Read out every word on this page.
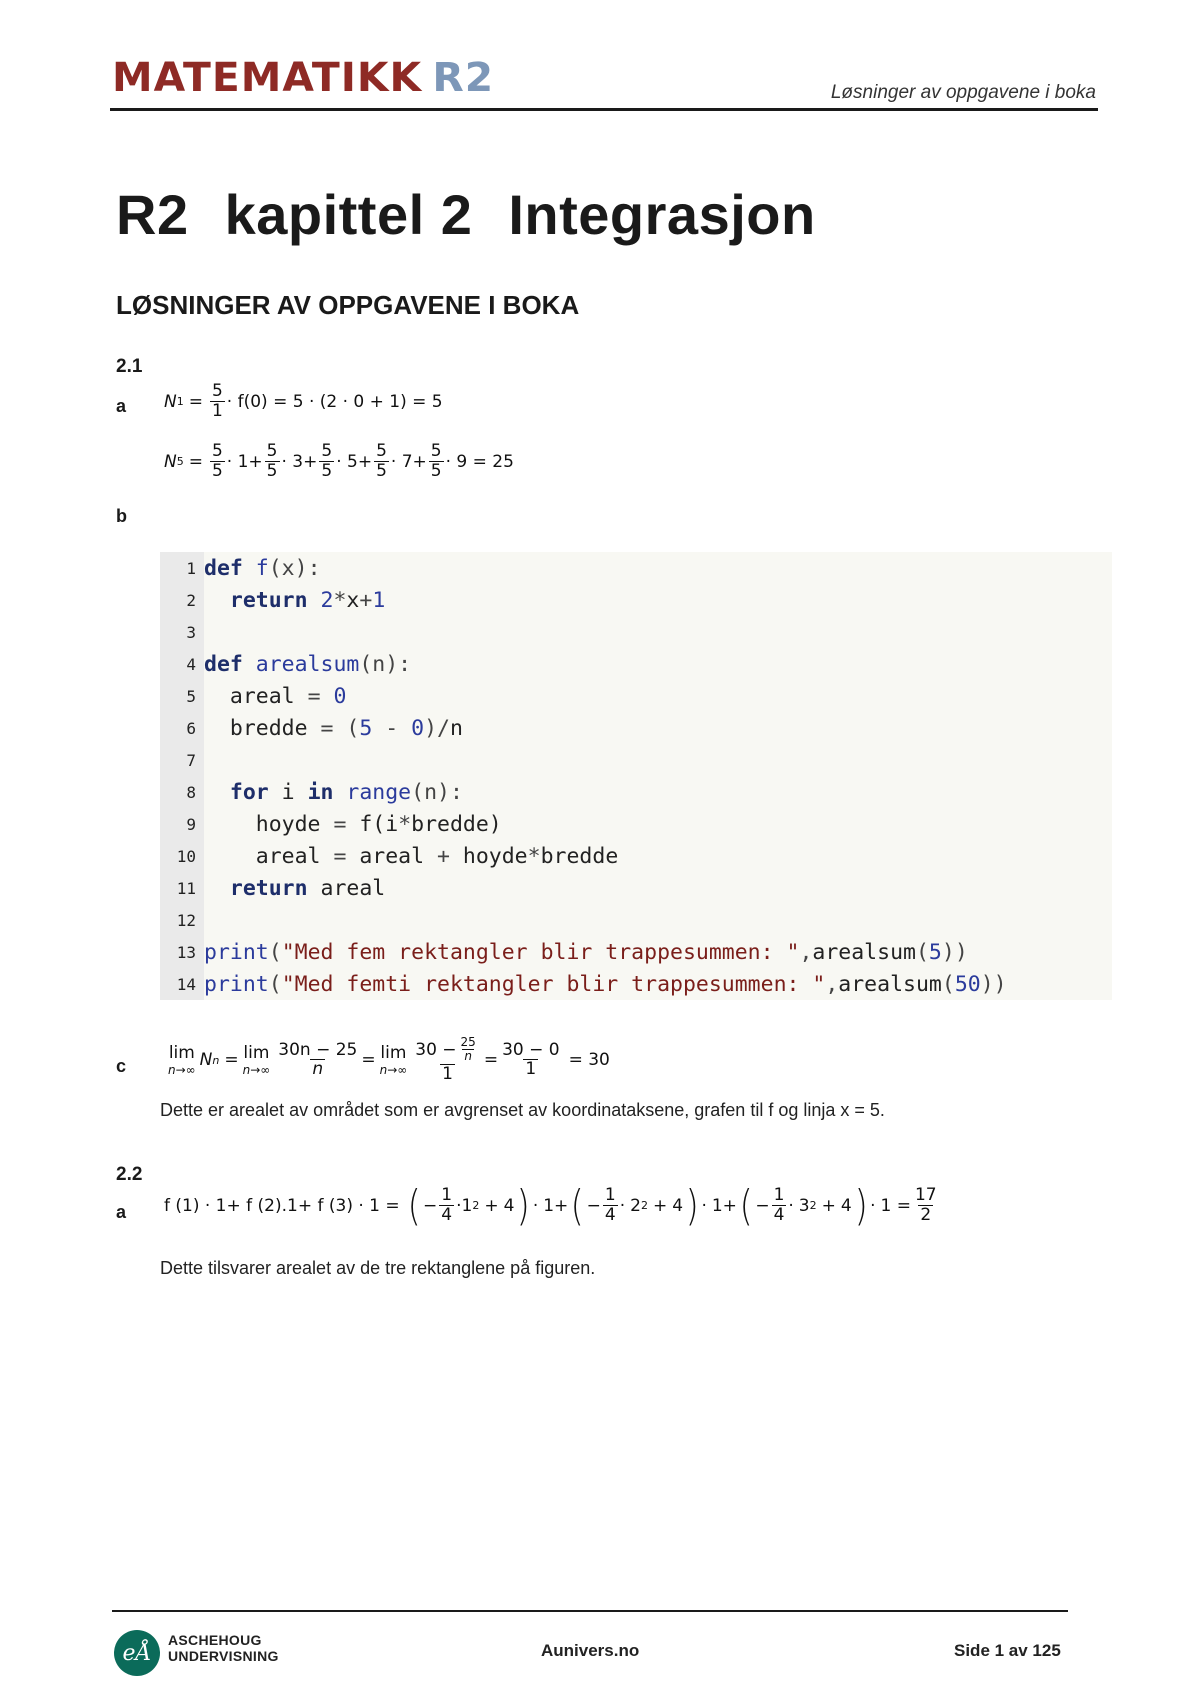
MATEMATIKK R2	Løsninger av oppgavene i boka
R2 kapittel 2 Integrasjon
LØSNINGER AV OPPGAVENE I BOKA
2.1
a N $1 = \frac{5}{1} \cdot f(0) = 5 \cdot (2 \cdot 0 + 1) = 5$
N $5 = \frac{5}{5} \cdot 1+ \frac{5}{5} \cdot 3+ \frac{5}{5} \cdot 5+ \frac{5}{5} \cdot 7+ \frac{5}{5} \cdot 9 = 25$
b
1 def f (x):
2
return 2 * x + 1
3
4 def arealsum (n):
5 areal = 0
6 bredde = ( 5 - 0 )/ n
7
8
for i in range (n):
9 hoyde = f(i * bredde)
10 areal = areal + hoyde * bredde
11
return areal
12
13 print ( "Med fem rektangler blir trappesummen: " , arealsum ( 5 ))
14 print ( "Med femti rektangler blir trappesummen: " , arealsum ( 50 ))
c
lim
n→∞ N n = lim
$n\to\infty \frac{30n - 25}{n} = \lim$
$n\to\infty \frac{30 - \frac{25}{n}}{1} = \frac{30 - 0}{1} = 30$
Dette er arealet av området som er avgrenset av koordinataksene, grafen til f og linja x = 5.
2.2
a f (1) · 1+ f (2).1+ f (3) · 1 = ( − $\frac{1}{4} \cdot 1$ 2 + 4 ) · 1+ ( − $\frac{1}{4} \cdot 2$ 2 + 4 ) · 1+ ( − $\frac{1}{4} \cdot 3$ 2 + 4 ) · $1 = \frac{17}{2}$
Dette tilsvarer arealet av de tre rektanglene på figuren.
eÅ
ASCHEHOUG
UNDERVISNING	Aunivers.no	Side 1 av 125
